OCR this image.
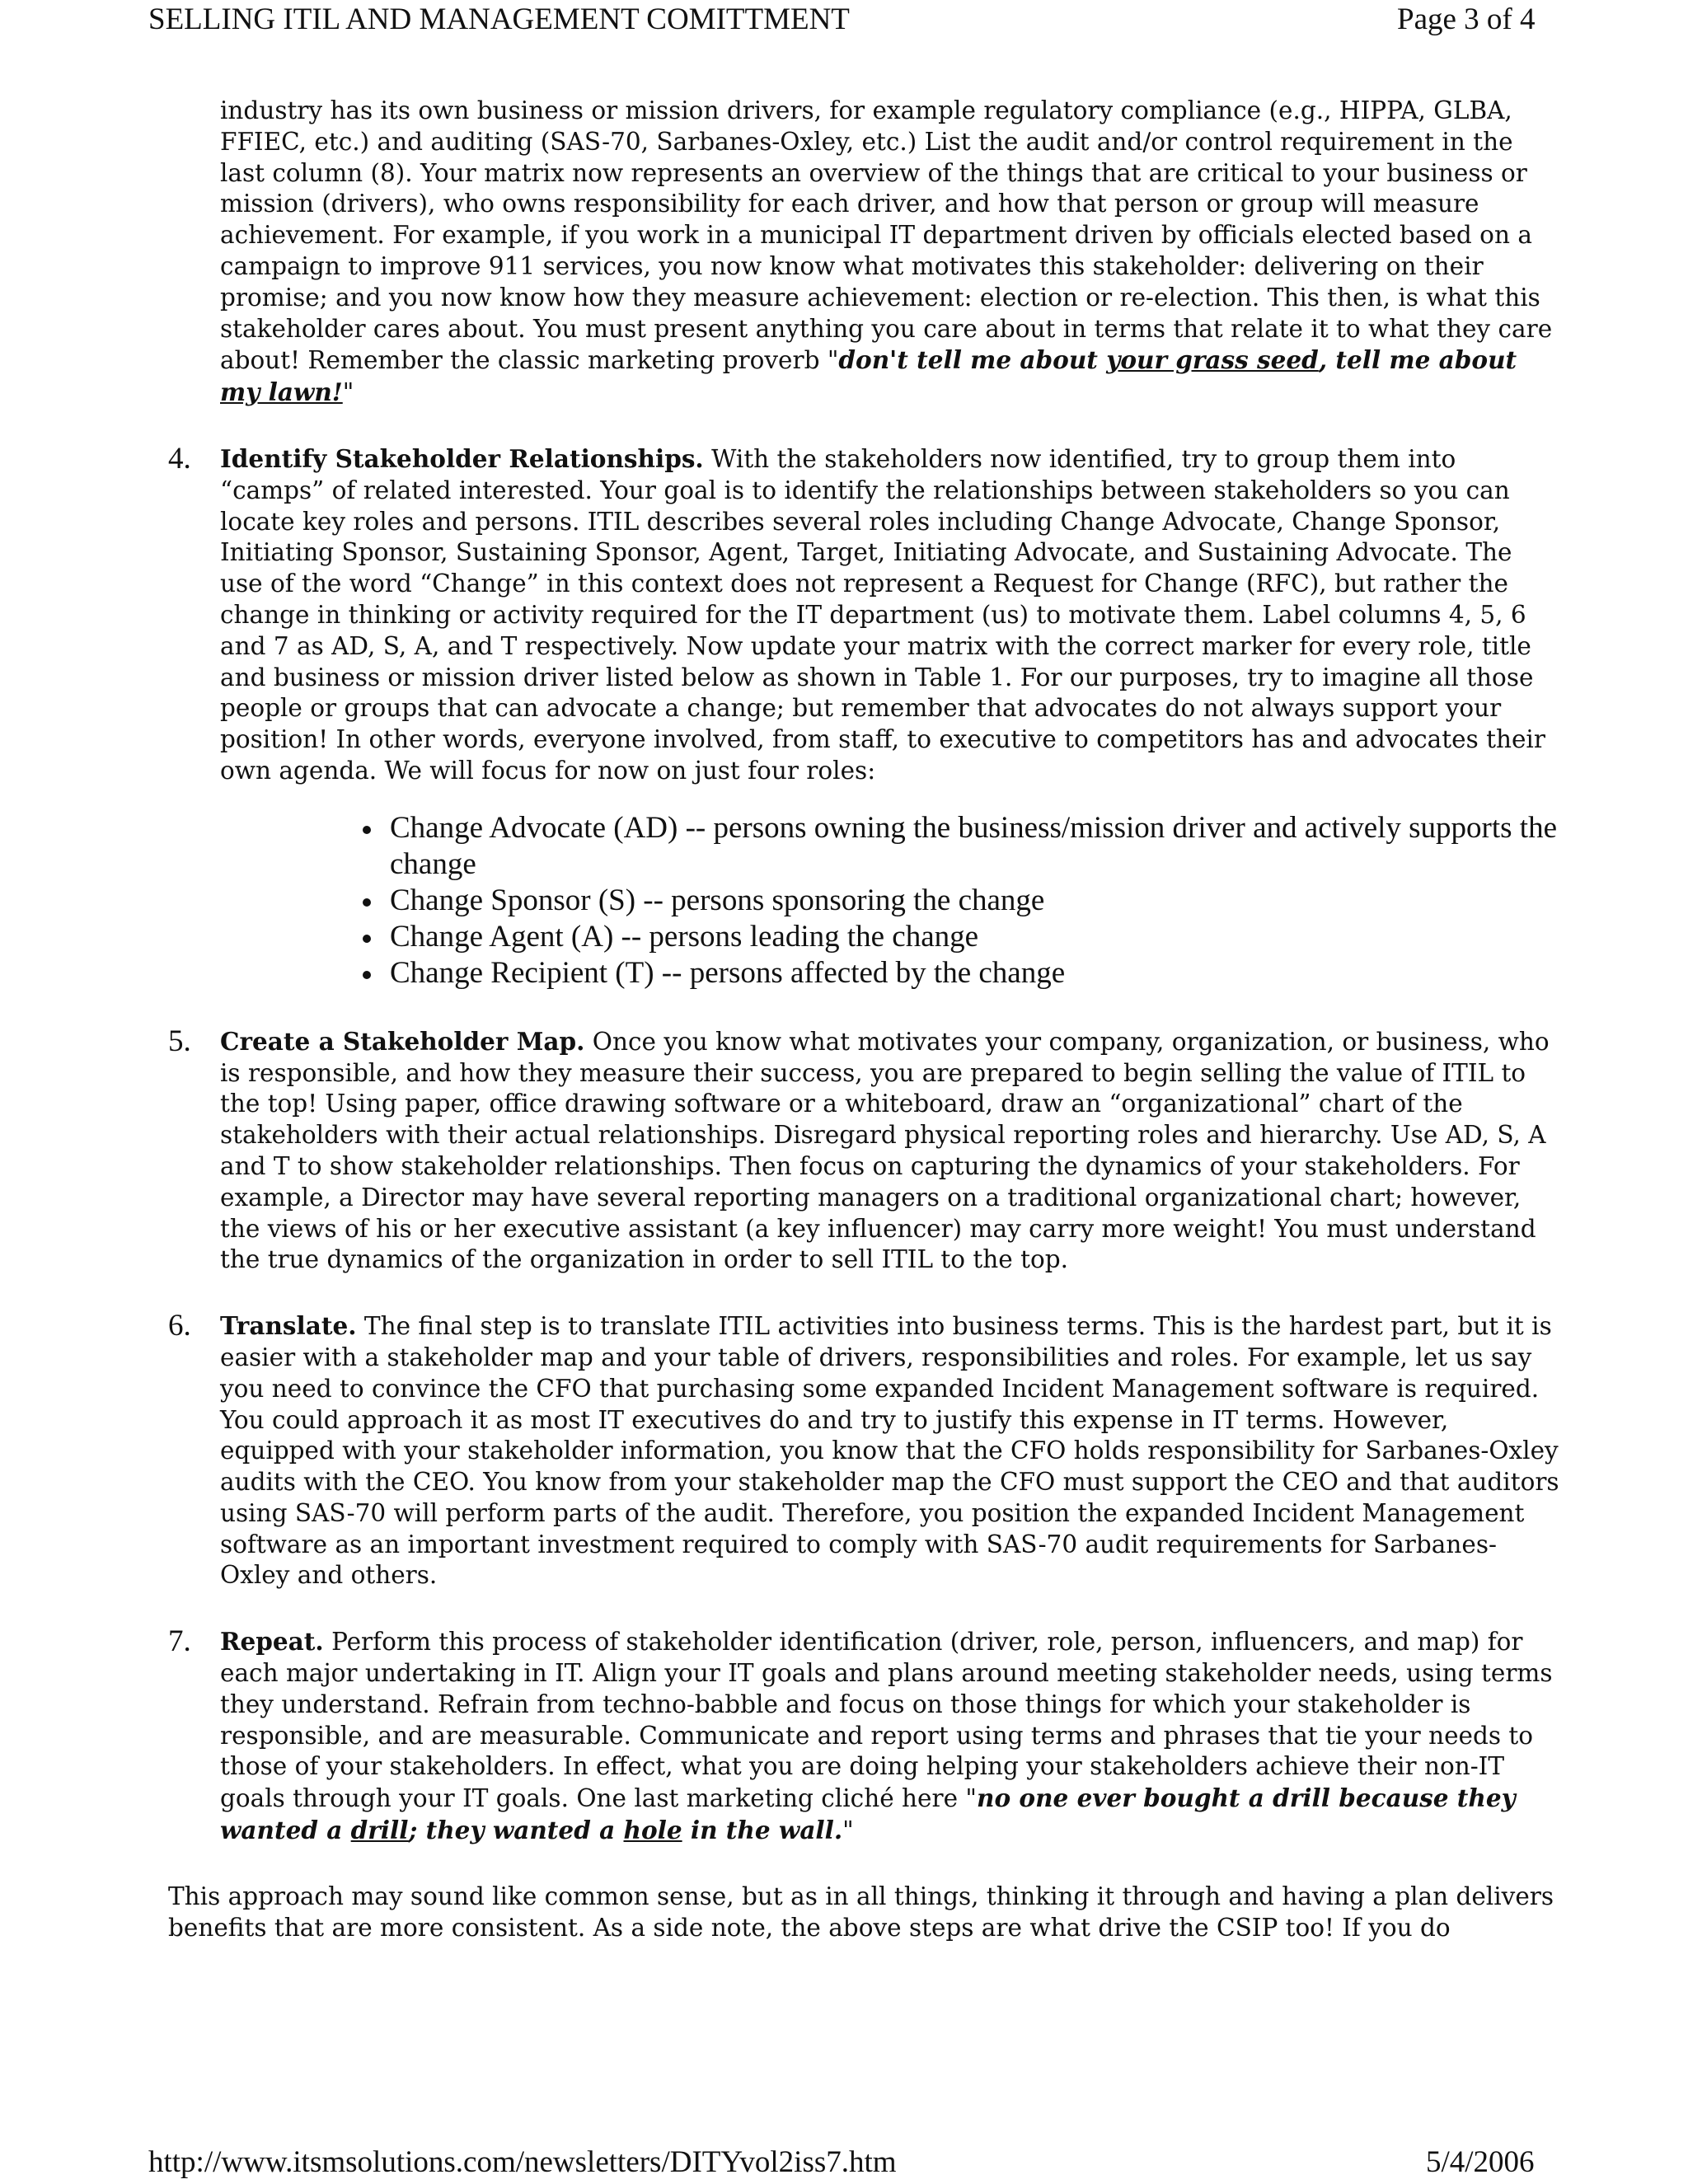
SELLING ITIL AND MANAGEMENT COMITTMENT	Page 3 of 4

industry has its own business or mission drivers, for example regulatory compliance (e.g., HIPPA, GLBA, FFIEC, etc.) and auditing (SAS-70, Sarbanes-Oxley, etc.) List the audit and/or control requirement in the last column (8). Your matrix now represents an overview of the things that are critical to your business or mission (drivers), who owns responsibility for each driver, and how that person or group will measure achievement. For example, if you work in a municipal IT department driven by officials elected based on a campaign to improve 911 services, you now know what motivates this stakeholder: delivering on their promise; and you now know how they measure achievement: election or re-election. This then, is what this stakeholder cares about. You must present anything you care about in terms that relate it to what they care about! Remember the classic marketing proverb "don't tell me about your grass seed, tell me about my lawn!"

4. Identify Stakeholder Relationships. With the stakeholders now identified, try to group them into “camps” of related interested. Your goal is to identify the relationships between stakeholders so you can locate key roles and persons. ITIL describes several roles including Change Advocate, Change Sponsor, Initiating Sponsor, Sustaining Sponsor, Agent, Target, Initiating Advocate, and Sustaining Advocate. The use of the word “Change” in this context does not represent a Request for Change (RFC), but rather the change in thinking or activity required for the IT department (us) to motivate them. Label columns 4, 5, 6 and 7 as AD, S, A, and T respectively. Now update your matrix with the correct marker for every role, title and business or mission driver listed below as shown in Table 1. For our purposes, try to imagine all those people or groups that can advocate a change; but remember that advocates do not always support your position! In other words, everyone involved, from staff, to executive to competitors has and advocates their own agenda. We will focus for now on just four roles:

Change Advocate (AD) -- persons owning the business/mission driver and actively supports the change
Change Sponsor (S) -- persons sponsoring the change
Change Agent (A) -- persons leading the change
Change Recipient (T) -- persons affected by the change
5. Create a Stakeholder Map. Once you know what motivates your company, organization, or business, who is responsible, and how they measure their success, you are prepared to begin selling the value of ITIL to the top! Using paper, office drawing software or a whiteboard, draw an “organizational” chart of the stakeholders with their actual relationships. Disregard physical reporting roles and hierarchy. Use AD, S, A and T to show stakeholder relationships. Then focus on capturing the dynamics of your stakeholders. For example, a Director may have several reporting managers on a traditional organizational chart; however, the views of his or her executive assistant (a key influencer) may carry more weight! You must understand the true dynamics of the organization in order to sell ITIL to the top.

6. Translate. The final step is to translate ITIL activities into business terms. This is the hardest part, but it is easier with a stakeholder map and your table of drivers, responsibilities and roles. For example, let us say you need to convince the CFO that purchasing some expanded Incident Management software is required. You could approach it as most IT executives do and try to justify this expense in IT terms. However, equipped with your stakeholder information, you know that the CFO holds responsibility for Sarbanes-Oxley audits with the CEO. You know from your stakeholder map the CFO must support the CEO and that auditors using SAS-70 will perform parts of the audit. Therefore, you position the expanded Incident Management software as an important investment required to comply with SAS-70 audit requirements for Sarbanes-Oxley and others.

7. Repeat. Perform this process of stakeholder identification (driver, role, person, influencers, and map) for each major undertaking in IT. Align your IT goals and plans around meeting stakeholder needs, using terms they understand. Refrain from techno-babble and focus on those things for which your stakeholder is responsible, and are measurable. Communicate and report using terms and phrases that tie your needs to those of your stakeholders. In effect, what you are doing helping your stakeholders achieve their non-IT goals through your IT goals. One last marketing cliché here "no one ever bought a drill because they wanted a drill; they wanted a hole in the wall."

This approach may sound like common sense, but as in all things, thinking it through and having a plan delivers benefits that are more consistent. As a side note, the above steps are what drive the CSIP too! If you do

http://www.itsmsolutions.com/newsletters/DITYvol2iss7.htm	5/4/2006
